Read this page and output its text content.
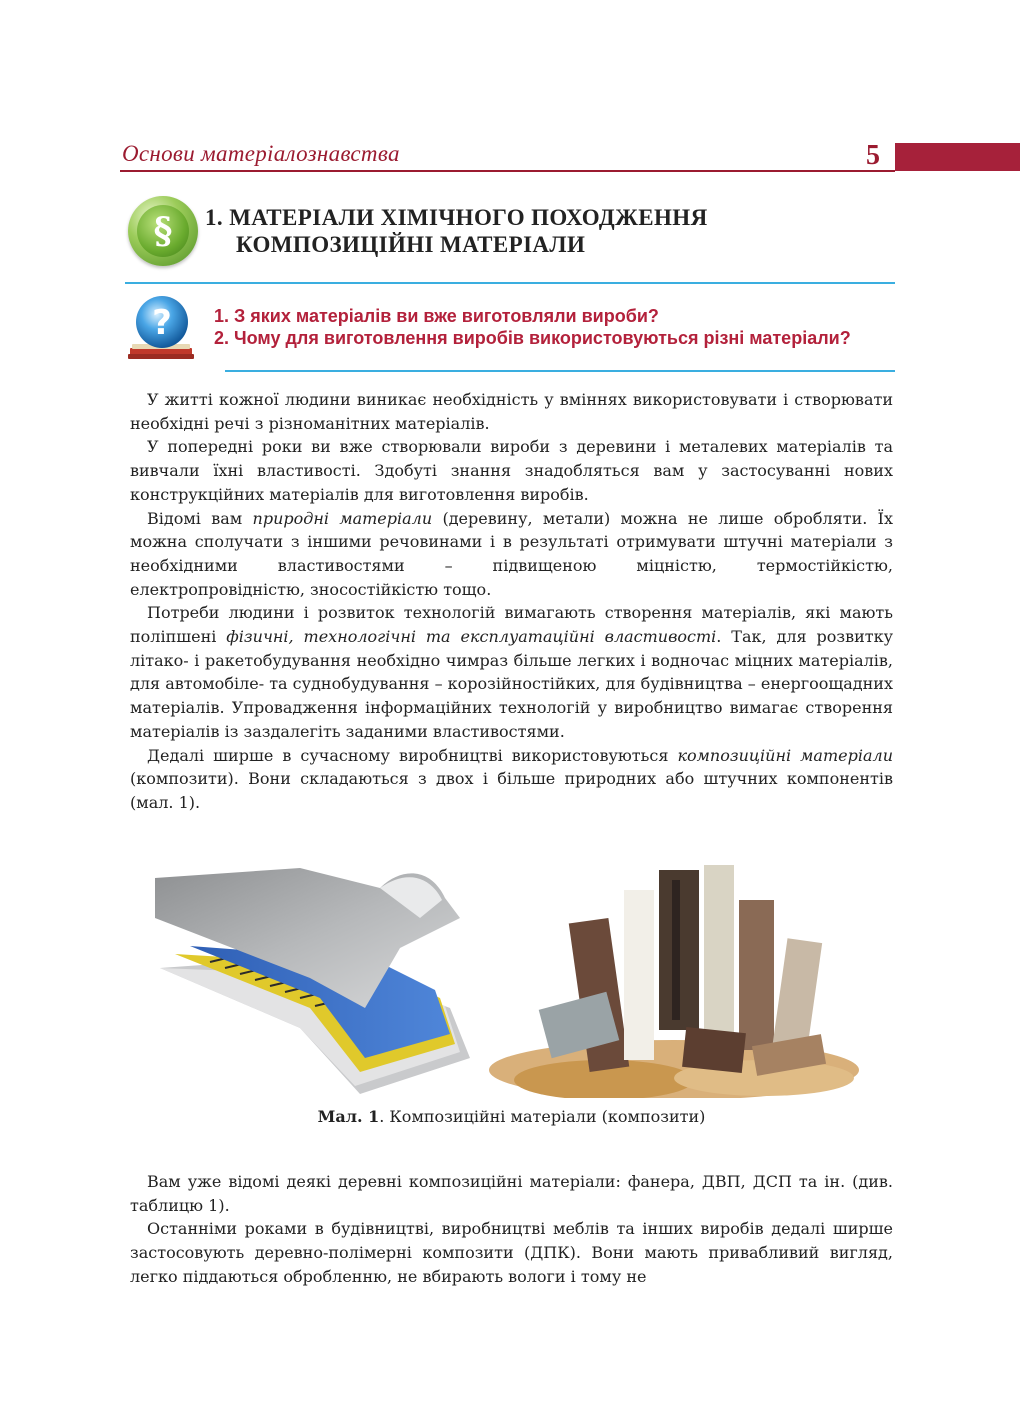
Основи матеріалознавства	5
§	1. МАТЕРІАЛИ ХІМІЧНОГО ПОХОДЖЕННЯ
КОМПОЗИЦІЙНІ МАТЕРІАЛИ
? 1. З яких матеріалів ви вже виготовляли вироби?
2. Чому для виготовлення виробів використовуються різні матеріали?

У житті кожної людини виникає необхідність у вміннях використовувати і створювати необхідні речі з різноманітних матеріалів.

У попередні роки ви вже створювали вироби з деревини і металевих матеріалів та вивчали їхні властивості. Здобуті знання знадобляться вам у застосуванні нових конструкційних матеріалів для виготовлення виробів.

Відомі вам природні матеріали (деревину, метали) можна не лише обробляти. Їх можна сполучати з іншими речовинами і в результаті отримувати штучні матеріали з необхідними властивостями – підвищеною міцністю, термостійкістю, електропровідністю, зносостійкістю тощо.

Потреби людини і розвиток технологій вимагають створення матеріалів, які мають поліпшені фізичні, технологічні та експлуатаційні властивості. Так, для розвитку літако- і ракетобудування необхідно чимраз більше легких і водночас міцних матеріалів, для автомобіле- та суднобудування – корозійностійких, для будівництва – енергоощадних матеріалів. Упровадження інформаційних технологій у виробництво вимагає створення матеріалів із заздалегіть заданими властивостями.

Дедалі ширше в сучасному виробництві використовуються композиційні матеріали (композити). Вони складаються з двох і більше природних або штучних компонентів (мал. 1).

Мал. 1. Композиційні матеріали (композити)

Вам уже відомі деякі деревні композиційні матеріали: фанера, ДВП, ДСП та ін. (див. таблицю 1).

Останніми роками в будівництві, виробництві меблів та інших виробів дедалі ширше застосовують деревно-полімерні композити (ДПК). Вони мають привабливий вигляд, легко піддаються обробленню, не вбирають вологи і тому не
